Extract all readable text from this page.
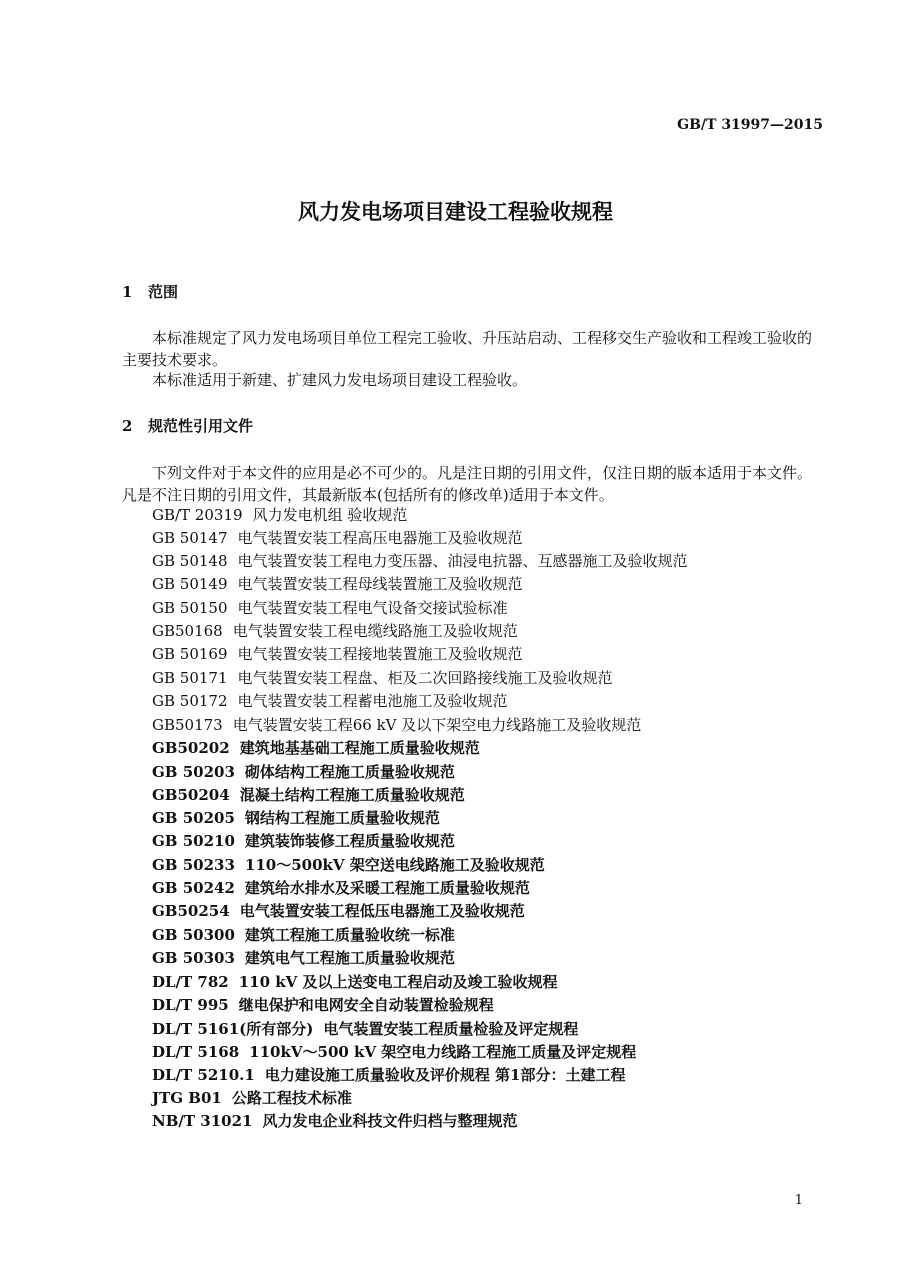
GB/T 31997—2015
风力发电场项目建设工程验收规程
1 范围
本标准规定了风力发电场项目单位工程完工验收、升压站启动、工程移交生产验收和工程竣工验收的主要技术要求。
本标准适用于新建、扩建风力发电场项目建设工程验收。
2 规范性引用文件
下列文件对于本文件的应用是必不可少的。凡是注日期的引用文件，仅注日期的版本适用于本文件。凡是不注日期的引用文件，其最新版本(包括所有的修改单)适用于本文件。
GB/T 20319 风力发电机组 验收规范
GB 50147 电气装置安装工程高压电器施工及验收规范
GB 50148 电气装置安装工程电力变压器、油浸电抗器、互感器施工及验收规范
GB 50149 电气装置安装工程母线装置施工及验收规范
GB 50150 电气装置安装工程电气设备交接试验标准
GB50168 电气装置安装工程电缆线路施工及验收规范
GB 50169 电气装置安装工程接地装置施工及验收规范
GB 50171 电气装置安装工程盘、柜及二次回路接线施工及验收规范
GB 50172 电气装置安装工程蓄电池施工及验收规范
GB50173 电气装置安装工程66 kV 及以下架空电力线路施工及验收规范
GB50202 建筑地基基础工程施工质量验收规范
GB 50203 砌体结构工程施工质量验收规范
GB50204 混凝土结构工程施工质量验收规范
GB 50205 钢结构工程施工质量验收规范
GB 50210 建筑装饰装修工程质量验收规范
GB 50233 110～500kV 架空送电线路施工及验收规范
GB 50242 建筑给水排水及采暖工程施工质量验收规范
GB50254 电气装置安装工程低压电器施工及验收规范
GB 50300 建筑工程施工质量验收统一标准
GB 50303 建筑电气工程施工质量验收规范
DL/T 782 110 kV 及以上送变电工程启动及竣工验收规程
DL/T 995 继电保护和电网安全自动装置检验规程
DL/T 5161(所有部分) 电气装置安装工程质量检验及评定规程
DL/T 5168 110kV～500 kV 架空电力线路工程施工质量及评定规程
DL/T 5210.1 电力建设施工质量验收及评价规程 第1部分：土建工程
JTG B01 公路工程技术标准
NB/T 31021 风力发电企业科技文件归档与整理规范
1
